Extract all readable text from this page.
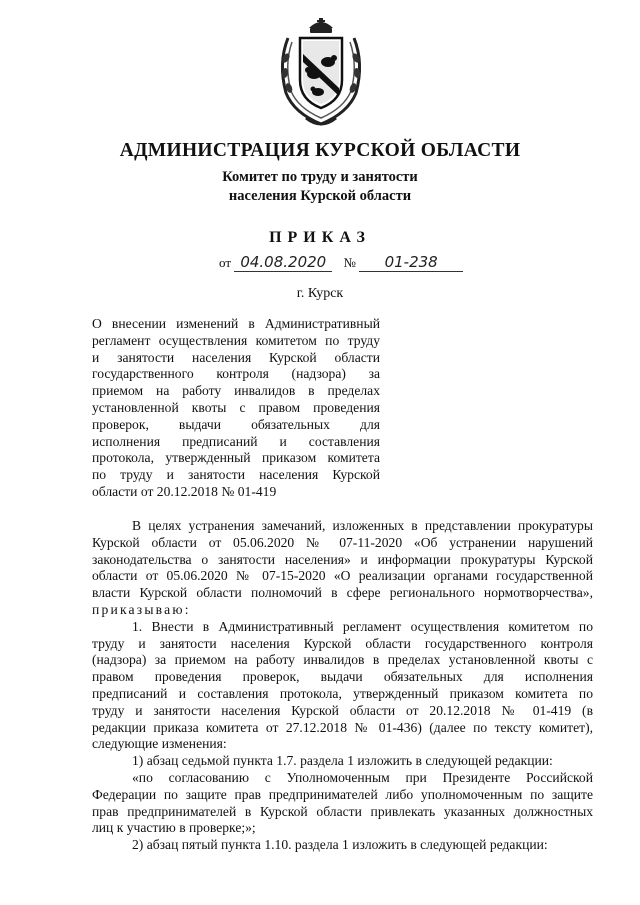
АДМИНИСТРАЦИЯ КУРСКОЙ ОБЛАСТИ
Комитет по труду и занятости
населения Курской области
ПРИКАЗ
от 04.08.2020 № 01-238
г. Курск
О внесении изменений в Административный
регламент осуществления комитетом по труду
и занятости населения Курской области
государственного контроля (надзора) за
приемом на работу инвалидов в пределах
установленной квоты с правом проведения
проверок, выдачи обязательных для
исполнения предписаний и составления
протокола, утвержденный приказом комитета
по труду и занятости населения Курской
области от 20.12.2018 № 01-419
В целях устранения замечаний, изложенных в представлении прокуратуры
Курской области от 05.06.2020 № 07-11-2020 «Об устранении нарушений
законодательства о занятости населения» и информации прокуратуры Курской
области от 05.06.2020 № 07-15-2020 «О реализации органами государственной
власти Курской области полномочий в сфере регионального нормотворчества»,
приказываю:
1. Внести в Административный регламент осуществления комитетом по
труду и занятости населения Курской области государственного контроля
(надзора) за приемом на работу инвалидов в пределах установленной квоты с
правом проведения проверок, выдачи обязательных для исполнения
предписаний и составления протокола, утвержденный приказом комитета по
труду и занятости населения Курской области от 20.12.2018 № 01-419 (в
редакции приказа комитета от 27.12.2018 № 01-436) (далее по тексту комитет),
следующие изменения:
1) абзац седьмой пункта 1.7. раздела 1 изложить в следующей редакции:
«по согласованию с Уполномоченным при Президенте Российской
Федерации по защите прав предпринимателей либо уполномоченным по защите
прав предпринимателей в Курской области привлекать указанных должностных
лиц к участию в проверке;»;
2) абзац пятый пункта 1.10. раздела 1 изложить в следующей редакции:
